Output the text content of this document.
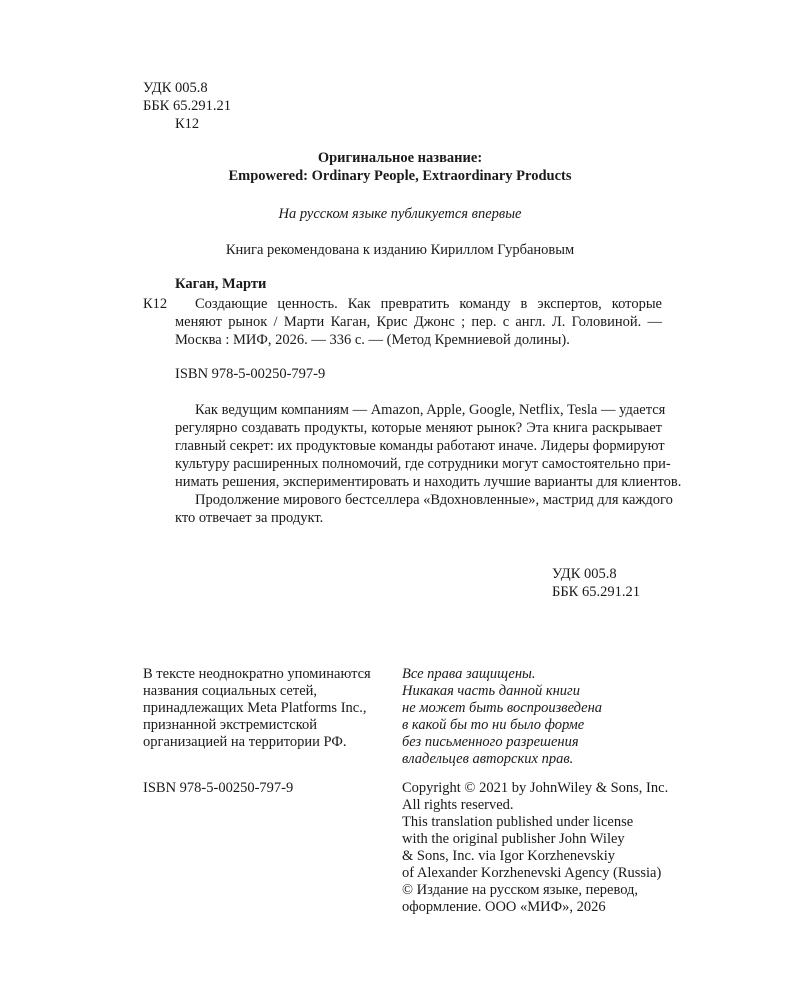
УДК 005.8
ББК 65.291.21
К12
Оригинальное название:
Empowered: Ordinary People, Extraordinary Products
На русском языке публикуется впервые
Книга рекомендована к изданию Кириллом Гурбановым
Каган, Марти
К12 Создающие ценность. Как превратить команду в экспертов, которые
меняют рынок / Марти Каган, Крис Джонс ; пер. с англ. Л. Головиной. —
Москва : МИФ, 2026. — 336 с. — (Метод Кремниевой долины).
ISBN 978-5-00250-797-9
Как ведущим компаниям — Amazon, Apple, Google, Netflix, Tesla — удается
регулярно создавать продукты, которые меняют рынок? Эта книга раскрывает
главный секрет: их продуктовые команды работают иначе. Лидеры формируют
культуру расширенных полномочий, где сотрудники могут самостоятельно при-
нимать решения, экспериментировать и находить лучшие варианты для клиентов.
Продолжение мирового бестселлера «Вдохновленные», мастрид для каждого
кто отвечает за продукт.
УДК 005.8
ББК 65.291.21
В тексте неоднократно упоминаются
названия социальных сетей,
принадлежащих Meta Platforms Inc.,
признанной экстремистской
организацией на территории РФ.
Все права защищены.
Никакая часть данной книги
не может быть воспроизведена
в какой бы то ни было форме
без письменного разрешения
владельцев авторских прав.
ISBN 978-5-00250-797-9	Copyright © 2021 by JohnWiley & Sons, Inc.
All rights reserved.
This translation published under license
with the original publisher John Wiley
& Sons, Inc. via Igor Korzhenevskiy
of Alexander Korzhenevski Agency (Russia)
© Издание на русском языке, перевод,
оформление. ООО «МИФ», 2026
